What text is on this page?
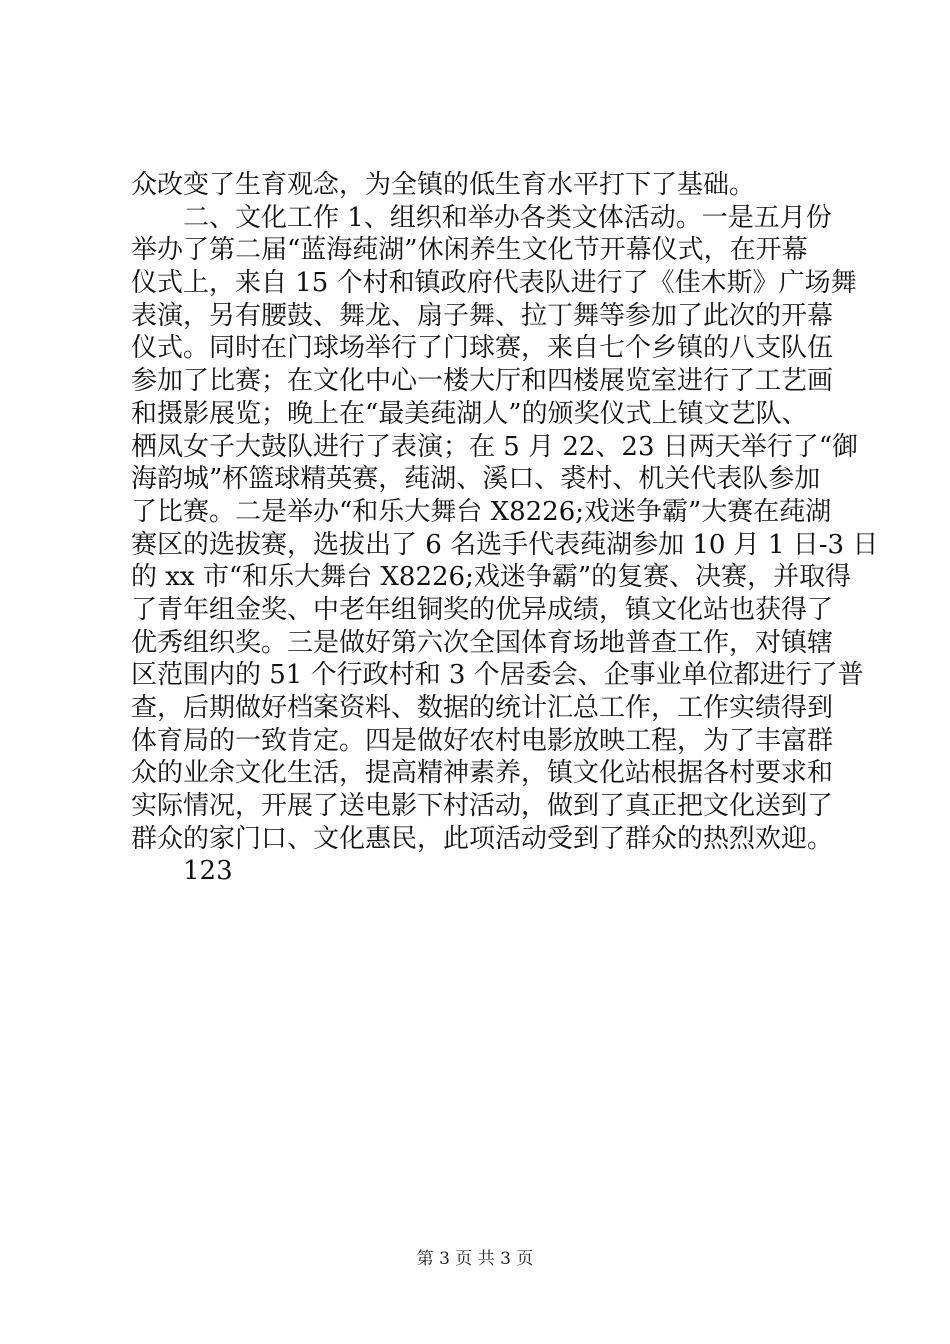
众改变了生育观念，为全镇的低生育水平打下了基础。
二、文化工作 1、组织和举办各类文体活动。一是五月份
举办了第二届“蓝海莼湖”休闲养生文化节开幕仪式，在开幕
仪式上，来自 15 个村和镇政府代表队进行了《佳木斯》广场舞
表演，另有腰鼓、舞龙、扇子舞、拉丁舞等参加了此次的开幕
仪式。同时在门球场举行了门球赛，来自七个乡镇的八支队伍
参加了比赛；在文化中心一楼大厅和四楼展览室进行了工艺画
和摄影展览；晚上在“最美莼湖人”的颁奖仪式上镇文艺队、
栖凤女子大鼓队进行了表演；在 5 月 22、23 日两天举行了“御
海韵城”杯篮球精英赛，莼湖、溪口、裘村、机关代表队参加
了比赛。二是举办“和乐大舞台 X8226;戏迷争霸”大赛在莼湖
赛区的选拔赛，选拔出了 6 名选手代表莼湖参加 10 月 1 日-3 日
的 xx 市“和乐大舞台 X8226;戏迷争霸”的复赛、决赛，并取得
了青年组金奖、中老年组铜奖的优异成绩，镇文化站也获得了
优秀组织奖。三是做好第六次全国体育场地普查工作，对镇辖
区范围内的 51 个行政村和 3 个居委会、企事业单位都进行了普
查，后期做好档案资料、数据的统计汇总工作，工作实绩得到
体育局的一致肯定。四是做好农村电影放映工程，为了丰富群
众的业余文化生活，提高精神素养，镇文化站根据各村要求和
实际情况，开展了送电影下村活动，做到了真正把文化送到了
群众的家门口、文化惠民，此项活动受到了群众的热烈欢迎。
123
第 3 页 共 3 页
